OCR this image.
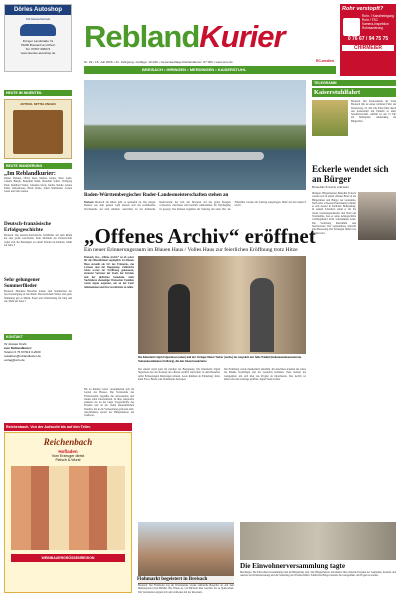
Dörles Autoshop
Kfz-Meisterbetrieb
Ihringer Landstraße 7a
79206 Breisach am Rhein
Tel. 07667 906074
www.doerles-autoshop.de ReblandKurier
Nr. 29 • 15. Juli 2026 • 41. Jahrgang • Auflage: 10.040 • Gesamtauflage Reblandkurier: 87.000 • www.wzo.de	RC-medien
BREISACH • IHRINGEN • MERDINGEN • KAISERSTUHL
Rohr verstopft?
Rohr- / Kanalreinigung
Rohr / TSC
Kamera-Inspektion
Rohrsanierung
0 76 67 / 94 75 75
CHIRMEIER
HEUTE IM INNENTEIL
ARTIKEL MITTELUNGEN
REUTE WANDERUNG
„Im Reblandkurier:
Daniel Ulmann, Oliver Reiz, Markus Ganter, Marc Ganz, Claudia Bürgin, Benjamin Kuhn, Benedikt Schell, Wolfgang Pauli, Reinhard Walter, Johannes Steck, Sandra Steidle, Ariane Faller, Weisenbauer, Heidi Jäckle, Johan Stöhrmann, Jochen Gasse und viele andere.
Deutsch-französische Erfolgsgeschichte
Breisach. Die deutsch-französische Schifffahrt auf dem Rhein hat eine große Geschichte. Zum Jubiläum der Partnerschaft trafen sich die Beteiligten zu einem Festakt im Rathaus. Mehr auf Seite 3
Sehr gelungener Sommerflieder
Breisach. Hunderte Besucher kamen zum Sommerfest der Sportvereinigung an den Rhein. Bei herrlichem Wetter und guter Stimmung gab es Musik, Essen und Unterhaltung für Jung und Alt. Mehr auf Seite 5
KONTAKT
Ihr direkter Draht
zum Reblandkurier:
Telefon 0 76 67/913 0-2000
redaktion@reblandkurier.de
verlag@wzo.de
Baden-Württembergischer Ruder-Landesmeisterschaften stehen an
Breisach Breisach am Rhein geht es spannend zu. Die jungen Ruderer aus dem ganzen Land messen sich am kommenden Wochenende auf dem Altrhein. Ausrichter ist der heimische Ruderverein, der sich seit Monaten auf das große Ereignis vorbereitet. Zuschauer sind herzlich willkommen, für Verpflegung ist gesorgt. Die Rennen beginnen am Samstag um neun Uhr, die Finalläufe werden am Sonntag ausgetragen. Mehr auf den Seiten 8 und 9
„Offenes Archiv“ eröffnet
Ein neuer Erinnerungsraum im Blauen Haus / Volles Haus zur feierlichen Eröffnung trotz Hitze
Breisach. Das „Offene Archiv“ ist ab sofort für die Öffentlichkeit zugänglich. Im Blauen Haus entsteht ein Ort des Erinnerns, des Lernens und der Begegnung. Zahlreiche Gäste waren zur Eröffnung gekommen, darunter Vertreter der Stadt, der Kirchen und der jüdischen Gemeinde. Auch Nachfahren ehemaliger Breisacher Familien waren eigens angereist, um an der Feier teilzunehmen und ihre Geschichten zu teilen.
Bis zu hundert Gäste versammelten sich im Garten des Hauses. Die Vorsitzende des Fördervereins begrüßte die Anwesenden und dankte allen Unterstützern. In ihrer Ansprache erinnerte sie an die lange Vorgeschichte des Projekts und an die vielen ehrenamtlichen Stunden, die in die Vorbereitung geflossen sind. Anschließend sprach der Bürgermeister ein Grußwort.
Die Künstlerin Sigrid Sigurdsson (oben) und der Verleger Dieter Weber (rechts) im Gespräch mit Julia Wiehnl (Dokumentationszentrum Nationalsozialismus Freiburg), die den Abend moderierte.
Der Abend stand ganz im Zeichen der Begegnung. Die Künstlerin Sigrid Sigurdsson hat das Konzept des offenen Archivs entwickelt, in dem Besucher selbst Erinnerungen hinterlegen können. Leere Rahmen als Einladung: Jeder kann Fotos, Briefe oder Dokumente beitragen.
Die Eröffnung wurde musikalisch umrahmt. Im Anschluss konnten die Gäste die Räume besichtigen und ins Gespräch kommen. Viele nutzten die Gelegenheit, um sich über das Projekt zu informieren. Das Archiv ist mittwochs und sonntags geöffnet. Ingrid Wenz-Gahler
TELEGRAMM
Kaiserstuhlfahrt
Breisach. Der Seniorenkreis der Stadt Breisach lädt zu seiner nächsten Fahrt am Donnerstag, 23. Juli. Die Fahrt führt durch den Kaiserstuhl mit Einkehr in einer Straußwirtschaft. Abfahrt ist um 13 Uhr am Marktplatz. Anmeldung im Bürgerbüro.
Eckerle wendet sich an Bürger
Benedikt Eckerle erkrankt
Ihringen. Bürgermeister Benedikt Eckerle wendet sich in einem offenen Brief an die Bürgerinnen und Bürger der Gemeinde. Nach einer schweren Erkrankung befindet er sich derzeit in ärztlicher Behandlung. In seinem Schreiben dankt er für die vielen Genesungswünsche und bittet um Verständnis, dass er seine Amtsgeschäfte vorübergehend nicht wahrnehmen kann. Die Vertretung übernimmt sein Stellvertreter. Der Gemeinderat wünscht gute Besserung. Die Sitzungen finden wie geplant statt.
Reichenbach. Von der Aufzucht bis auf den Teller.
Reichenbach
Hofladen
Vom Erzeuger direkt
Fleisch & Wurst
WEINBAUERGRÖSSENREGION
Flohmarkt begeistert in Breisach
Breisach. Der Flohmarkt zog am Wochenende wieder zahlreiche Besucher an. Auf dem Münsterplatz boten Händler ihre Waren an, von Büchern über Geschirr bis zu Spielsachen. Die Veranstalter zeigten sich sehr zufrieden mit der Resonanz.
Die Einwohnerversammlung tagte
Merdingen. Die Einwohnerversammlung fand im Bürgerhaus statt. Der Bürgermeister informierte über aktuelle Projekte der Gemeinde, darunter den Ausbau der Kinderbetreuung und die Sanierung der Ortsdurchfahrt. Zahlreiche Bürger nutzten die Gelegenheit, um Fragen zu stellen.
